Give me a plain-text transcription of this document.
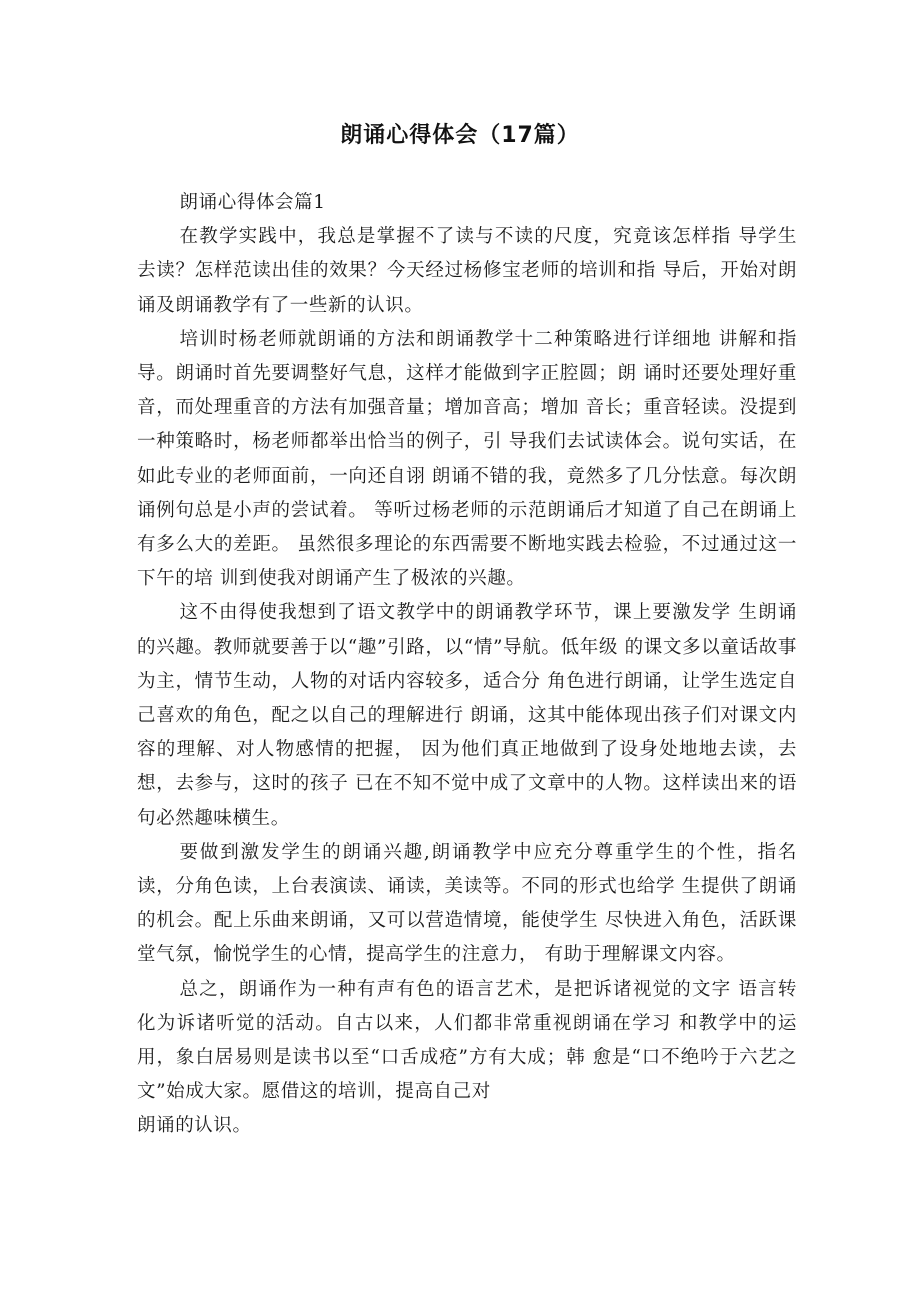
朗诵心得体会（17篇）

朗诵心得体会篇1

在教学实践中，我总是掌握不了读与不读的尺度，究竟该怎样指 导学生去读？怎样范读出佳的效果？今天经过杨修宝老师的培训和指 导后，开始对朗诵及朗诵教学有了一些新的认识。

培训时杨老师就朗诵的方法和朗诵教学十二种策略进行详细地 讲解和指导。朗诵时首先要调整好气息，这样才能做到字正腔圆；朗 诵时还要处理好重音，而处理重音的方法有加强音量；增加音高；增加 音长；重音轻读。没提到一种策略时，杨老师都举出恰当的例子，引 导我们去试读体会。说句实话，在如此专业的老师面前，一向还自诩 朗诵不错的我，竟然多了几分怯意。每次朗诵例句总是小声的尝试着。 等听过杨老师的示范朗诵后才知道了自己在朗诵上有多么大的差距。 虽然很多理论的东西需要不断地实践去检验，不过通过这一下午的培 训到使我对朗诵产生了极浓的兴趣。

这不由得使我想到了语文教学中的朗诵教学环节，课上要激发学 生朗诵的兴趣。教师就要善于以“趣”引路，以“情”导航。低年级 的课文多以童话故事为主，情节生动，人物的对话内容较多，适合分 角色进行朗诵，让学生选定自己喜欢的角色，配之以自己的理解进行 朗诵，这其中能体现出孩子们对课文内容的理解、对人物感情的把握， 因为他们真正地做到了设身处地地去读，去想，去参与，这时的孩子 已在不知不觉中成了文章中的人物。这样读出来的语句必然趣味横生。

要做到激发学生的朗诵兴趣,朗诵教学中应充分尊重学生的个性，指名读，分角色读，上台表演读、诵读，美读等。不同的形式也给学 生提供了朗诵的机会。配上乐曲来朗诵，又可以营造情境，能使学生 尽快进入角色，活跃课堂气氛，愉悦学生的心情，提高学生的注意力， 有助于理解课文内容。

总之，朗诵作为一种有声有色的语言艺术，是把诉诸视觉的文字 语言转化为诉诸听觉的活动。自古以来，人们都非常重视朗诵在学习 和教学中的运用，象白居易则是读书以至“口舌成疮”方有大成；韩 愈是“口不绝吟于六艺之文”始成大家。愿借这的培训，提高自己对

朗诵的认识。
